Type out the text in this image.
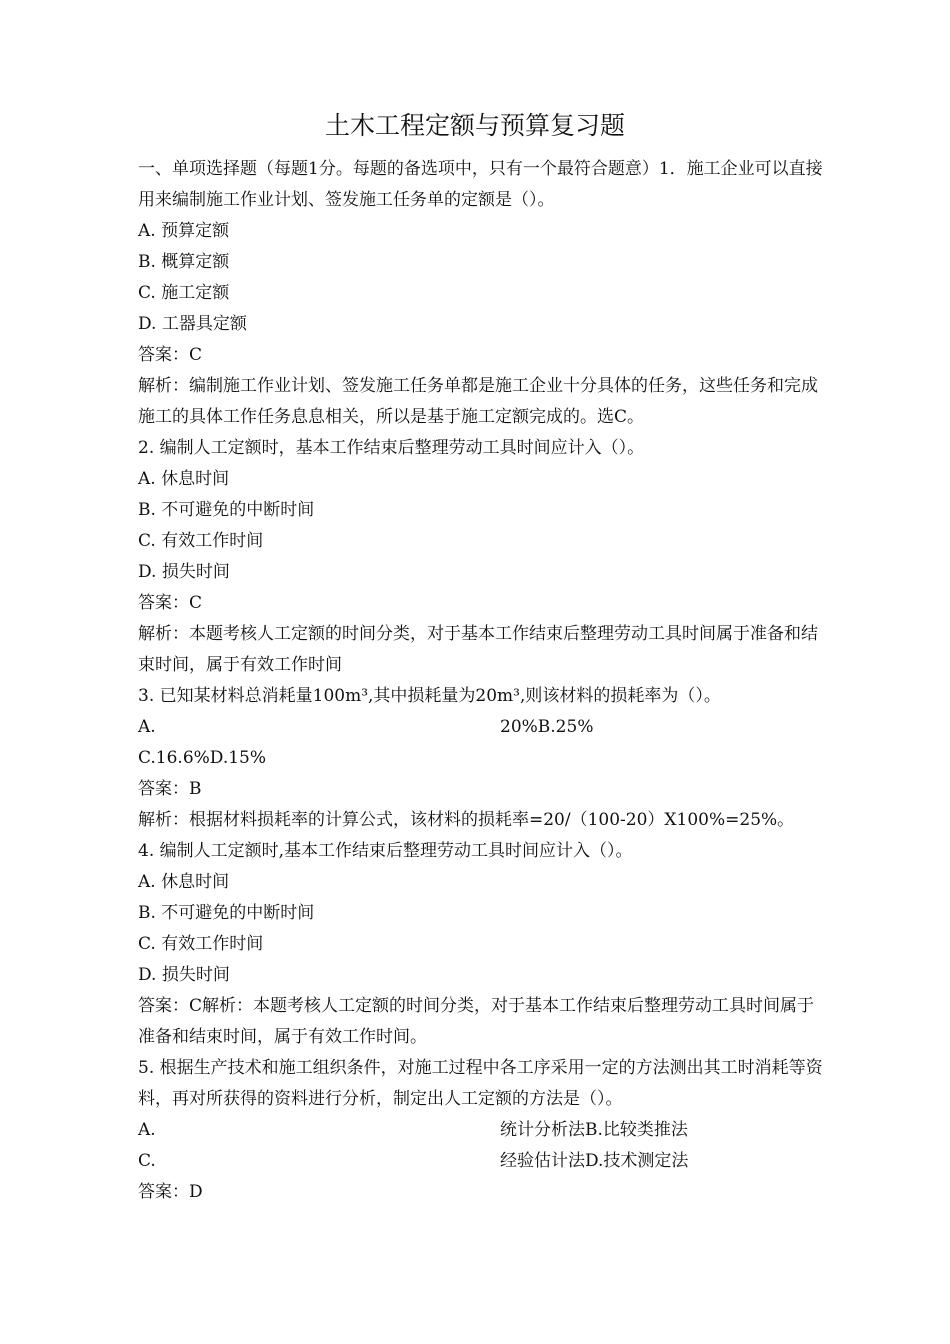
土木工程定额与预算复习题
一、单项选择题（每题1分。每题的备选项中，只有一个最符合题意）1．施工企业可以直接用来编制施工作业计划、签发施工任务单的定额是（）。
A. 预算定额
B. 概算定额
C. 施工定额
D. 工器具定额
答案：C
解析：编制施工作业计划、签发施工任务单都是施工企业十分具体的任务，这些任务和完成施工的具体工作任务息息相关，所以是基于施工定额完成的。选C。
2. 编制人工定额时，基本工作结束后整理劳动工具时间应计入（）。
A. 休息时间
B. 不可避免的中断时间
C. 有效工作时间
D. 损失时间
答案：C
解析：本题考核人工定额的时间分类，对于基本工作结束后整理劳动工具时间属于准备和结束时间，属于有效工作时间
3. 已知某材料总消耗量100m³,其中损耗量为20m³,则该材料的损耗率为（）。
A.	20%B.25%
C.16.6%D.15%
答案：B
解析：根据材料损耗率的计算公式，该材料的损耗率=20/（100-20）X100%=25%。
4. 编制人工定额时,基本工作结束后整理劳动工具时间应计入（）。
A. 休息时间
B. 不可避免的中断时间
C. 有效工作时间
D. 损失时间
答案：C解析：本题考核人工定额的时间分类，对于基本工作结束后整理劳动工具时间属于准备和结束时间，属于有效工作时间。
5. 根据生产技术和施工组织条件，对施工过程中各工序采用一定的方法测出其工时消耗等资料，再对所获得的资料进行分析，制定出人工定额的方法是（）。
A.	统计分析法B.比较类推法
C.	经验估计法D.技术测定法
答案：D
